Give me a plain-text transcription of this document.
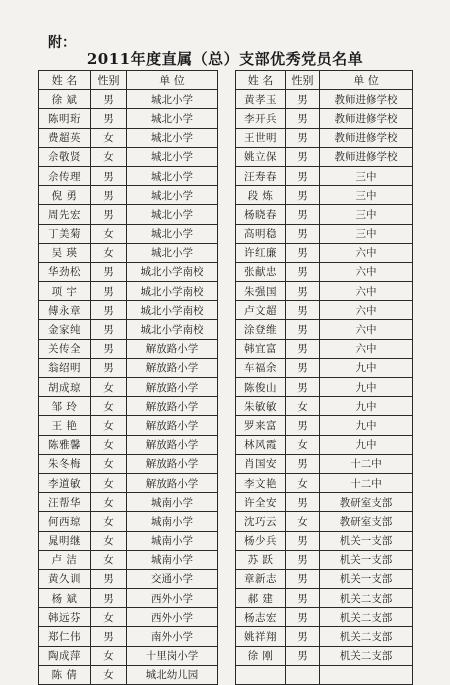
附：
2011年度直属（总）支部优秀党员名单
姓 名	性别	单 位
徐 斌	男	城北小学
陈明珩	男	城北小学
费超英	女	城北小学
佘敬贤	女	城北小学
佘传理	男	城北小学
倪 勇	男	城北小学
周先宏	男	城北小学
丁美菊	女	城北小学
吴 瑛	女	城北小学
华劲松	男	城北小学南校
项 宇	男	城北小学南校
傅永章	男	城北小学南校
金家纯	男	城北小学南校
关传全	男	解放路小学
翁绍明	男	解放路小学
胡成琼	女	解放路小学
邹 玲	女	解放路小学
王 艳	女	解放路小学
陈雅馨	女	解放路小学
朱冬梅	女	解放路小学
李道敏	女	解放路小学
汪帮华	女	城南小学
何西琼	女	城南小学
晁明继	女	城南小学
卢 洁	女	城南小学
黄久训	男	交通小学
杨 斌	男	西外小学
韩远芬	女	西外小学
郑仁伟	男	南外小学
陶成萍	女	十里岗小学
陈 倩	女	城北幼儿园
姓 名	性别	单 位
黄孝玉	男	教师进修学校
李开兵	男	教师进修学校
王世明	男	教师进修学校
姚立保	男	教师进修学校
汪寿春	男	三中
段 炼	男	三中
杨晓春	男	三中
高明稳	男	三中
许红廉	男	六中
张献忠	男	六中
朱强国	男	六中
卢文超	男	六中
涂登维	男	六中
韩宜富	男	六中
车福余	男	九中
陈俊山	男	九中
朱敏敏	女	九中
罗来富	男	九中
林风霞	女	九中
肖国安	男	十二中
李文艳	女	十二中
许全安	男	教研室支部
沈巧云	女	教研室支部
杨少兵	男	机关一支部
苏 跃	男	机关一支部
章新志	男	机关一支部
郝 建	男	机关二支部
杨志宏	男	机关二支部
姚祥翔	男	机关二支部
徐 刚	男	机关二支部
